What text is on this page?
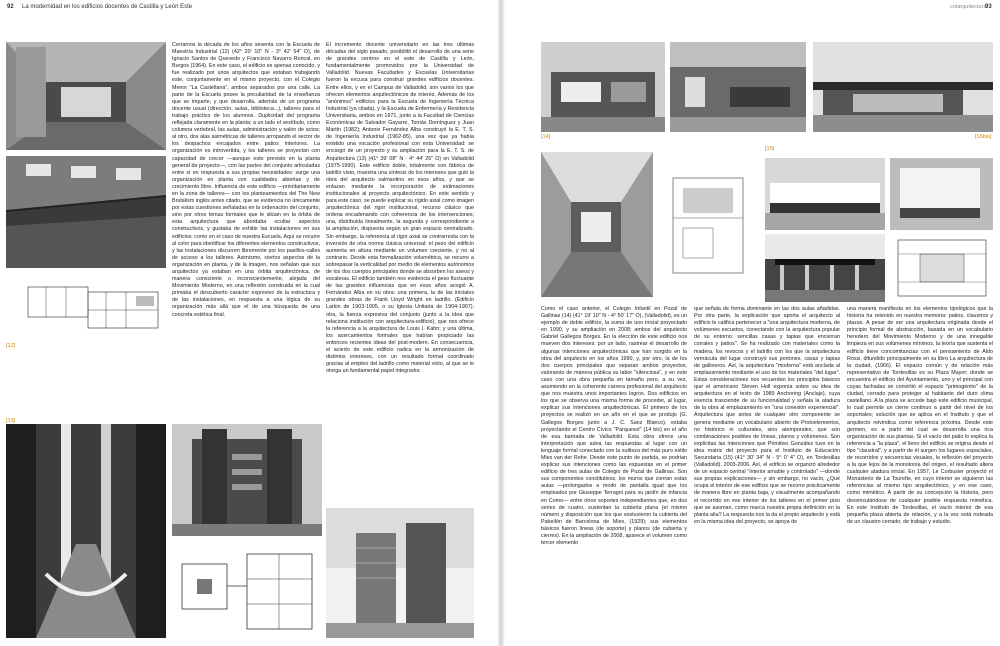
92 La modernidad en los edificios docentes de Castilla y León Este
[12]
[13]
Cerramos la década de los años sesenta con la Escuela de Maestría Industrial (12) (42° 20' 10" N - 3° 42' 54" O), de Ignacio Santos de Quevedo y Francisco Navarro Roncal, en Burgos (1964). En este caso, el edificio es apenas conocido, y fue realizado por unos arquitectos que estaban trabajando este, conjuntamente en el mismo proyecto, con el Colegio Menor "La Castellana", ambos separados por una calle. La parte de la Escuela posee la peculiaridad de la enseñanza que se imparte, y que desarrolla, además de un programa docente usual (dirección, aulas, biblioteca...), talleres para el trabajo práctico de los alumnos. Duplicidad del programa reflejada claramente en la planta: a un lado el vestíbulo, como columna vertebral, las aulas, administración y salón de actos; al otro, dos alas asimétricas de talleres arropando el sector de los despachos encajados entre patios interiores. La organización es introvertida, y los talleres se proyectan con capacidad de crecer —aunque esto previsto en la planta general de proyecto—, con las partes del conjunto articuladas entre sí en respuesta a sus propias necesidades: surge una organización en planta con cualidades abiertas y de crecimiento libre. Influencia de este edificio —prioritariamente en la zona de talleres— con los planteamientos del The New Brutalism inglés antes citado, que se evidencia no únicamente por estas cuestiones señaladas en la ordenación del conjunto, sino por otros temas formales que le sitúan en la órbita de esta arquitectura que abordaba ocultar aspectos constructivos, y gustaba de exhibir las instalaciones en sus edificios; como en el caso de nuestra Escuela. Aquí se recurre al color para identificar los diferentes elementos constructivos, y las instalaciones discurren libremente por los pasillos-calles de acceso a los talleres. Asimismo, ciertos aspectos de la organización en planta, y de la imagen, nos señalan que sus arquitectos ya estaban en una órbita arquitectónica, de manera consciente o inconscientemente, alejada del Movimiento Moderno, en una reflexión construida en la cual primaba el descubierto carácter expresivo de la estructura y de las instalaciones, en respuesta a una lógica de su organización más allá que el de una búsqueda de una concreta estética final.
El incremento docente universitario en las tres últimas décadas del siglo pasado, posibilitó el desarrollo de una serie de grandes centros en el este de Castilla y León, fundamentalmente promovidos por la Universidad de Valladolid. Nuevas Facultades y Escuelas Universitarias fueron la excusa para construir grandes edificios docentes. Entre ellos, y en el Campus de Valladolid, son varios los que ofrecen elementos arquitectónicos de interés. Además de los "anónimos" edificios para la Escuela de Ingeniería Técnica Industrial (ya citada), y la Escuela de Enfermería y Residencia Universitaria, ambos en 1971, junto a la Facultad de Ciencias Económicas de Salvador Gayarre, Tomás Domínguez y Juan Martín (1982); Antonio Fernández Alba construyó la E. T. S. de Ingeniería Industrial (1962-85), una vez que ya había existido una vocación profesional con esta Universidad: se encargó de un proyecto y su ampliación para la E. T. S. de Arquitectura (13) (41° 39' 08" N - 4° 44' 26" O) en Valladolid (1975-1990). Este edificio doble, totalmente con fábrica de ladrillo visto, muestra una síntesis de los intereses que guió la obra del arquitecto salmantino en esos años, y que se enlazan mediante la incorporación de estimaciones institucionales al proyecto arquitectónico. En este sentido y para este caso, se puede explicar su rígido axial como imagen arquitectónica del rigor institucional, recurso clásico que ordena encadenando con coherencia de los intervenciones; una, distribuida linealmente, la segunda y correspondiente a la ampliación, dispuesta según un gran espacio centralizado. Sin embargo, la referencia al rigor axial se contrarresta con la inversión de otra norma clásica universal: el peso del edificio aumenta en altura mediante un volumen creciente, y no al contrario. Desde esta formalización volumétrica, se recurre a sobrepasar la verticalidad por medio de elementos autónomos de los dos cuerpos principales donde se absorben los aseos y escaleras. El edificio también nos evidencia el peso fluctuante de las grandes influencias que en esos años acogió A. Fernández Alba en su obra: una primera, la de las iniciales grandes obras de Frank Lloyd Wright en ladrillo, (Edificio Larkin de 1903-1905, o su Iglesia Unitaria de 1904-1907); otra, la fuerza expresiva del conjunto (junto a la idea que relaciona institución con arquitectura-edificio), que nos ofrece la referencia a la arquitectura de Louis I. Kahn; y una última, los acercamientos formales que habían propiciado las entonces recientes ideas del post-modern. En consecuencia, el acierto de este edificio radica en la armonización de distintos intereses, con un resultado formal coordinado gracias al empleo del ladrillo como material visto, al que se le otorga un fundamental papel integrador.
cotarquitectura
93
[14]
[15]
[16bis]
Como el caso anterior, el Colegio Infantil en Pozal de Gallinas (14) (41° 19' 10" N - 4° 50' 17" O), (Valladolid), es un ejemplo de doble edificio, la suma de uno inicial proyectado en 1990, y su ampliación en 2008; ambos del arquitecto Gabriel Gallegos Borges. En la elección de este edificio nos mueven dos intereses: por un lado, rastrear el desarrollo de algunas intenciones arquitectónicas que han surgido en la obra del arquitecto en los años 1990, y, por otro, la de los dos cuerpos principales que separan ambos proyectos, valorando de manera pública su labor "silenciosa", y en este caso con una obra pequeña en tamaño pero, a su vez, asumiendo en la coherente carrera profesional del arquitecto que nos muestra unos importantes logros. Dos edificios en los que se observa una misma forma de proceder, al lugar, explicar sus intenciones arquitectónicas. El primero de los proyectos se realizó en un año en el que se produjo (G. Gallegos Borges junto a J. C. Sanz Blanco), estaba proyectando el Centro Cívico "Parquesol" (14 bis) en el año de esa barriada de Valladolid. Esta obra ofrece una interpretación que aúna las respuestas al lugar con un lenguaje formal conectado con la sutileza del más puro estilo Mies van der Rohe. Desde este punto de partida, se podrían explicar sus intenciones como las expuestas en el primer edificio de tres aulas de Colegio de Pozal de Gallinas. Son sus componentes constitutivos, los muros que cierran estas aulas —prolongados a modo de pantalla igual que los empleados por Giuseppe Terragni para su jardín de infancia en Como— entre otros soportes independientes que, en dos series de cuatro, sustentan la cubierta plana (el mismo número y disposición que los que sostuvieron la cubierta del Pabellón de Barcelona de Mies, (1929); sus elementos básicos fueron líneas (de soporte) y planos (de cubierta y cierres). En la ampliación de 2008, aparece el volumen como tercer elemento
que señala de forma dominante en las dos aulas añadidas. Por otra parte, la explicación que aporta el arquitecto al edificio le califica pertenecer a "una arquitectura moderna, de volúmenes escuetos, conectando con la arquitectura popular de su entorno: sencillas casas y tapias que encierran corrales y patios". Se ha realizado con materiales como la madera, los revocos y el ladrillo con los que la arquitectura vernácula del lugar construyó sus portones, casas y tapias de gallineros. Así, la arquitectura "moderna" está anclada al emplazamiento mediante el uso de los materiales "del lugar". Estas consideraciones nos recuerdan los principios básicos que el americano Steven Holl exponía sobre su idea de arquitectura en el texto de 1989 Anchoring (Anclaje), cuya esencia trasciende de su funcionalidad y señala la atadura de la obra al emplazamiento en "una conexión experiencial". Arquitectura que antes de cualquier otro componente se genera mediante un vocabulario abierto de Protoelementos, no histórico ni culturales, sino atemporales, que son combinaciones posibles de líneas, planos y volúmenes. Son explícitas las intenciones que Primitivo González tuvo en la idea matriz del proyecto para el Instituto de Educación Secundaria (15) (41° 30' 34" N - 5° 0' 4" O), en Tordesillas (Valladolid), 2003-2006. Así, el edificio se organizó alrededor de un espacio central "interior amable y controlado" —donde sus propias explicaciones— y sin embargo, no vacío, ¿Qué ocupa el interior de ese edificio que se recorre prácticamente de manera libre en planta baja, y visualmente acompañando el recorrido en ese interior de los talleres en el primer piso que se asoman, como marca nuestra propia definición en la planta alta? La respuesta nos la da el propio arquitecto y está en la misma idea del proyecto, se apoya de
una manera manifiesta en los elementos tipológicos que la historia ha retenido en nuestra memoria: patios, claustros y plazas. A pesar de ser una arquitectura originada desde el principio formal de abstracción, basada en un vocabulario heredero del Movimiento Moderno y de una innegable limpieza en sus volúmenes mínimos, la teoría que sustenta el edificio tiene concomitancias con el pensamiento de Aldo Rossi, difundido principalmente en su libro La arquitectura de la ciudad, (1966). El espacio común y de relación más representativo de Tordesillas es su Plaza Mayor; donde se encuentra el edificio del Ayuntamiento, uno y el principal con cuyas fachadas se convirtió el espacio "primogénito" de la ciudad, cerrado para proteger al habitante del duro clima castellano. A la plaza se accede bajo este edificio municipal, lo cual permite un cierre continuo a partir del nivel de los soportales; solución que se aplica en el Instituto y que el arquitecto reivindica como referencia próxima. Desde este germen, es a partir del cual se desarrolla una rica organización de sus plantas. Si el vacío del patio lo explica la referencia a "la plaza", el lleno del edificio se origina desde el tipo "claustral", y a partir de él surgen los lugares espaciales, de recorridos y secuencias visuales, la reflexión del proyecto a la que lejos de la monotonía del origen, el resultado altera cualquier atadura inicial. En 1957, Le Corbusier proyectó el Monasterio de La Tourette, en cuyo interior se siguieron las referencias al mismo tipo arquitectónico, y en ese caso, como mimético. A partir de su concepción la historia, pero desvinculándose de cualquier posible respuesta mimética. En este Instituto de Tordesillas, el vacío interior de esa pequeña plaza abierta de relación, y a la vez está rodeada de un claustro cerrado, de trabajo y estudio.
